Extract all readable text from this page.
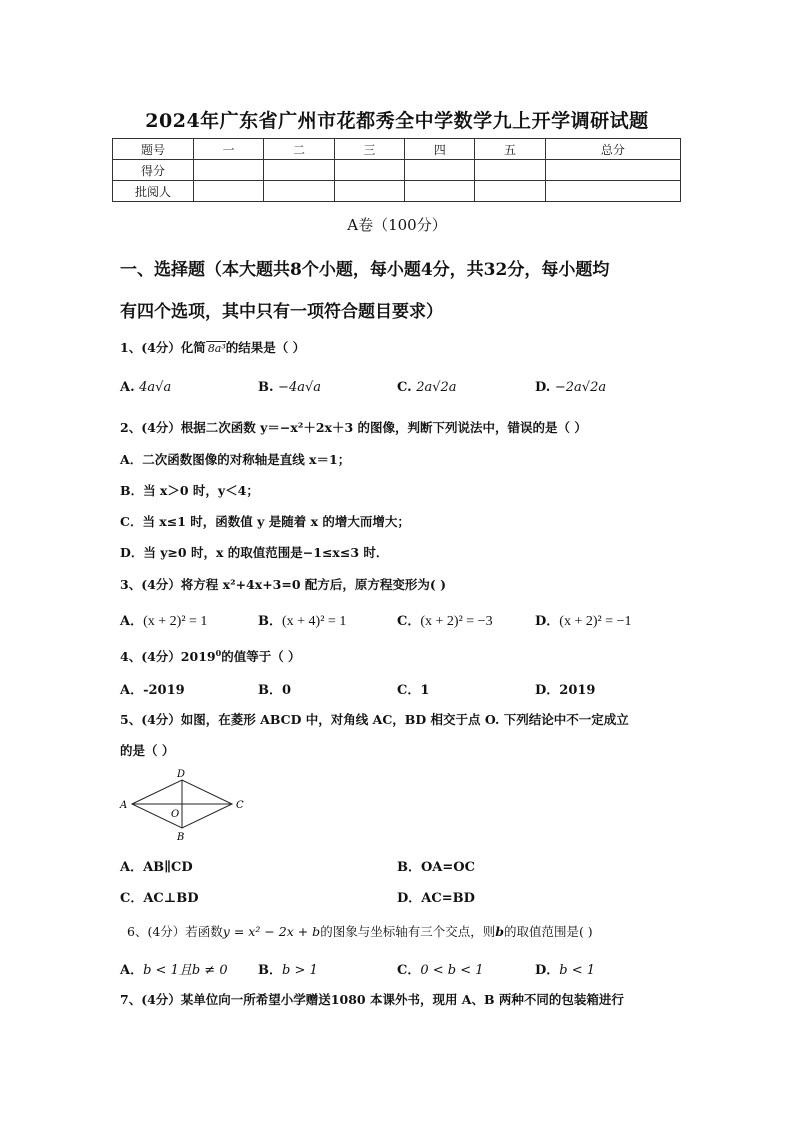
2024年广东省广州市花都秀全中学数学九上开学调研试题
题号	一	二	三	四	五	总分
得分						
批阅人						
A卷（100分）
一、选择题（本大题共8个小题，每小题4分，共32分，每小题均
有四个选项，其中只有一项符合题目要求）
1、(4分）化简 8a³的结果是（ ）
A. 4a√a	B. −4a√a	C. 2a√2a	D. −2a√2a
2、(4分）根据二次函数 y＝−x²＋2x＋3 的图像，判断下列说法中，错误的是（ ）
A．二次函数图像的对称轴是直线 x＝1；
B．当 x＞0 时，y＜4；
C．当 x≤1 时，函数值 y 是随着 x 的增大而增大；
D．当 y≥0 时，x 的取值范围是−1≤x≤3 时．
3、(4分）将方程 x²+4x+3=0 配方后，原方程变形为( )
A．(x + 2)² = 1	B．(x + 4)² = 1	C．(x + 2)² = −3	D．(x + 2)² = −1
4、(4分）2019$^0$的值等于（ ）
A．-2019	B．0	C．1	D．2019
5、(4分）如图，在菱形 ABCD 中，对角线 AC，BD 相交于点 O. 下列结论中不一定成立
的是（ ）
A
B
C
D
O
A．AB∥CD	B．OA=OC
C．AC⊥BD	D．AC=BD
6、(4分）若函数y = x² − 2x + b的图象与坐标轴有三个交点，则b的取值范围是( )
A．b < 1且b ≠ 0 B．b > 1	C．0 < b < 1	D．b < 1
7、(4分）某单位向一所希望小学赠送1080 本课外书，现用 A、B 两种不同的包装箱进行
